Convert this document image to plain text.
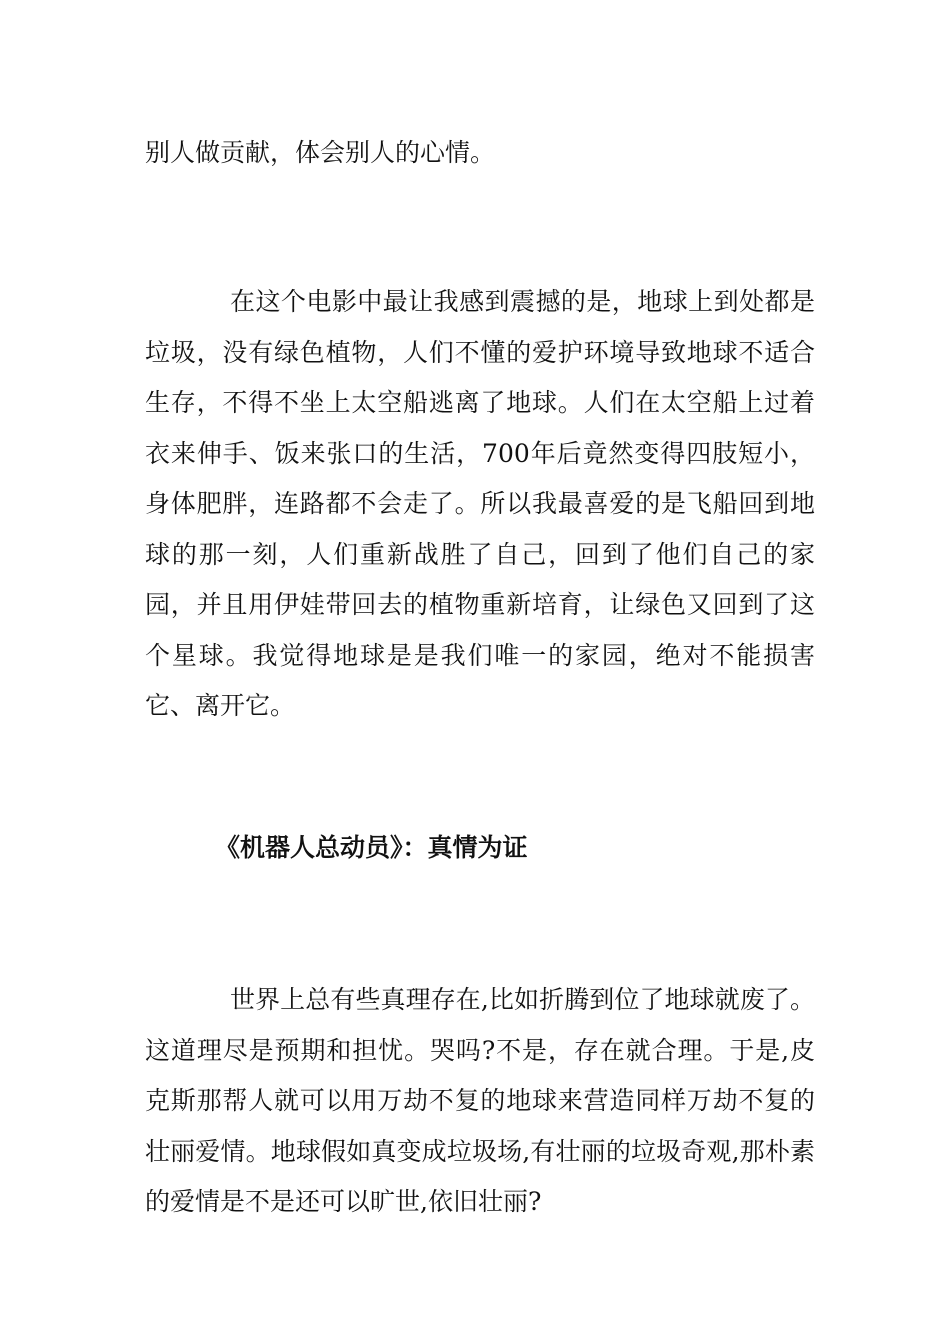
别人做贡献，体会别人的心情。

在这个电影中最让我感到震撼的是，地球上到处都是垃圾，没有绿色植物，人们不懂的爱护环境导致地球不适合生存，不得不坐上太空船逃离了地球。人们在太空船上过着衣来伸手、饭来张口的生活，700年后竟然变得四肢短小，身体肥胖，连路都不会走了。所以我最喜爱的是飞船回到地球的那一刻，人们重新战胜了自己，回到了他们自己的家园，并且用伊娃带回去的植物重新培育，让绿色又回到了这个星球。我觉得地球是是我们唯一的家园，绝对不能损害它、离开它。

《机器人总动员》：真情为证

世界上总有些真理存在,比如折腾到位了地球就废了。这道理尽是预期和担忧。哭吗?不是，存在就合理。于是,皮克斯那帮人就可以用万劫不复的地球来营造同样万劫不复的壮丽爱情。地球假如真变成垃圾场,有壮丽的垃圾奇观,那朴素的爱情是不是还可以旷世,依旧壮丽?
